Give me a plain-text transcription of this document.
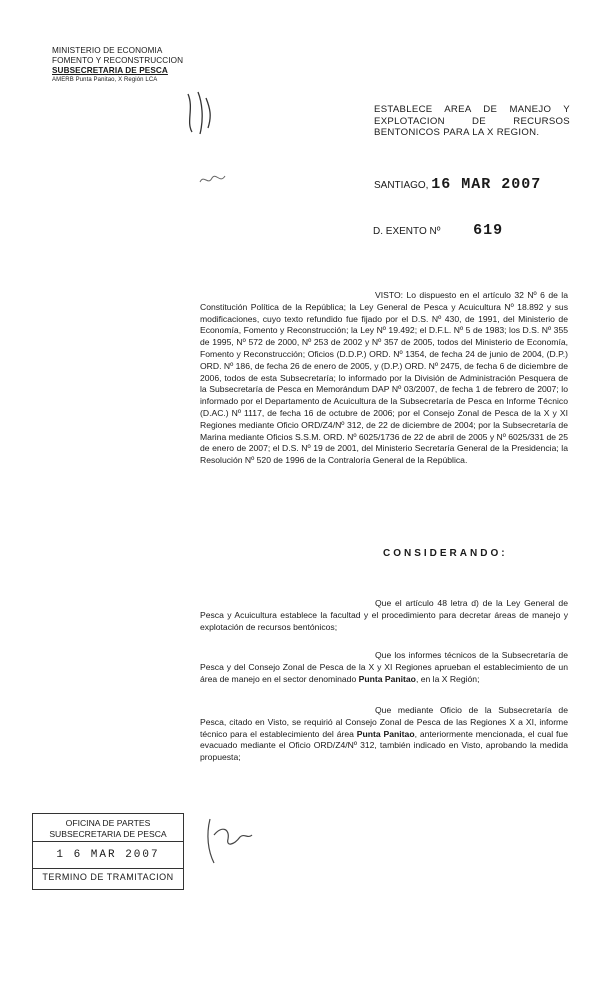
MINISTERIO DE ECONOMIA
FOMENTO Y RECONSTRUCCION
SUBSECRETARIA DE PESCA
AMERB Punta Panitao, X Región LCA
ESTABLECE AREA DE MANEJO Y EXPLOTACION DE RECURSOS BENTONICOS PARA LA X REGION.
SANTIAGO, 16 MAR 2007
D. EXENTO Nº 619
VISTO: Lo dispuesto en el artículo 32 Nº 6 de la Constitución Política de la República; la Ley General de Pesca y Acuicultura Nº 18.892 y sus modificaciones, cuyo texto refundido fue fijado por el D.S. Nº 430, de 1991, del Ministerio de Economía, Fomento y Reconstrucción; la Ley Nº 19.492; el D.F.L. Nº 5 de 1983; los D.S. Nº 355 de 1995, Nº 572 de 2000, Nº 253 de 2002 y Nº 357 de 2005, todos del Ministerio de Economía, Fomento y Reconstrucción; Oficios (D.D.P.) ORD. Nº 1354, de fecha 24 de junio de 2004, (D.P.) ORD. Nº 186, de fecha 26 de enero de 2005, y (D.P.) ORD. Nº 2475, de fecha 6 de diciembre de 2006, todos de esta Subsecretaría; lo informado por la División de Administración Pesquera de la Subsecretaría de Pesca en Memorándum DAP Nº 03/2007, de fecha 1 de febrero de 2007; lo informado por el Departamento de Acuicultura de la Subsecretaría de Pesca en Informe Técnico (D.AC.) Nº 1117, de fecha 16 de octubre de 2006; por el Consejo Zonal de Pesca de la X y XI Regiones mediante Oficio ORD/Z4/Nº 312, de 22 de diciembre de 2004; por la Subsecretaría de Marina mediante Oficios S.S.M. ORD. Nº 6025/1736 de 22 de abril de 2005 y Nº 6025/331 de 25 de enero de 2007; el D.S. Nº 19 de 2001, del Ministerio Secretaría General de la Presidencia; la Resolución Nº 520 de 1996 de la Contraloría General de la República.
CONSIDERANDO:
Que el artículo 48 letra d) de la Ley General de Pesca y Acuicultura establece la facultad y el procedimiento para decretar áreas de manejo y explotación de recursos bentónicos;
Que los informes técnicos de la Subsecretaría de Pesca y del Consejo Zonal de Pesca de la X y XI Regiones aprueban el establecimiento de un área de manejo en el sector denominado Punta Panitao, en la X Región;
Que mediante Oficio de la Subsecretaría de Pesca, citado en Visto, se requirió al Consejo Zonal de Pesca de las Regiones X a XI, informe técnico para el establecimiento del área Punta Panitao, anteriormente mencionada, el cual fue evacuado mediante el Oficio ORD/Z4/Nº 312, también indicado en Visto, aprobando la medida propuesta;
OFICINA DE PARTES
SUBSECRETARIA DE PESCA
1 6 MAR 2007
TERMINO DE TRAMITACION
